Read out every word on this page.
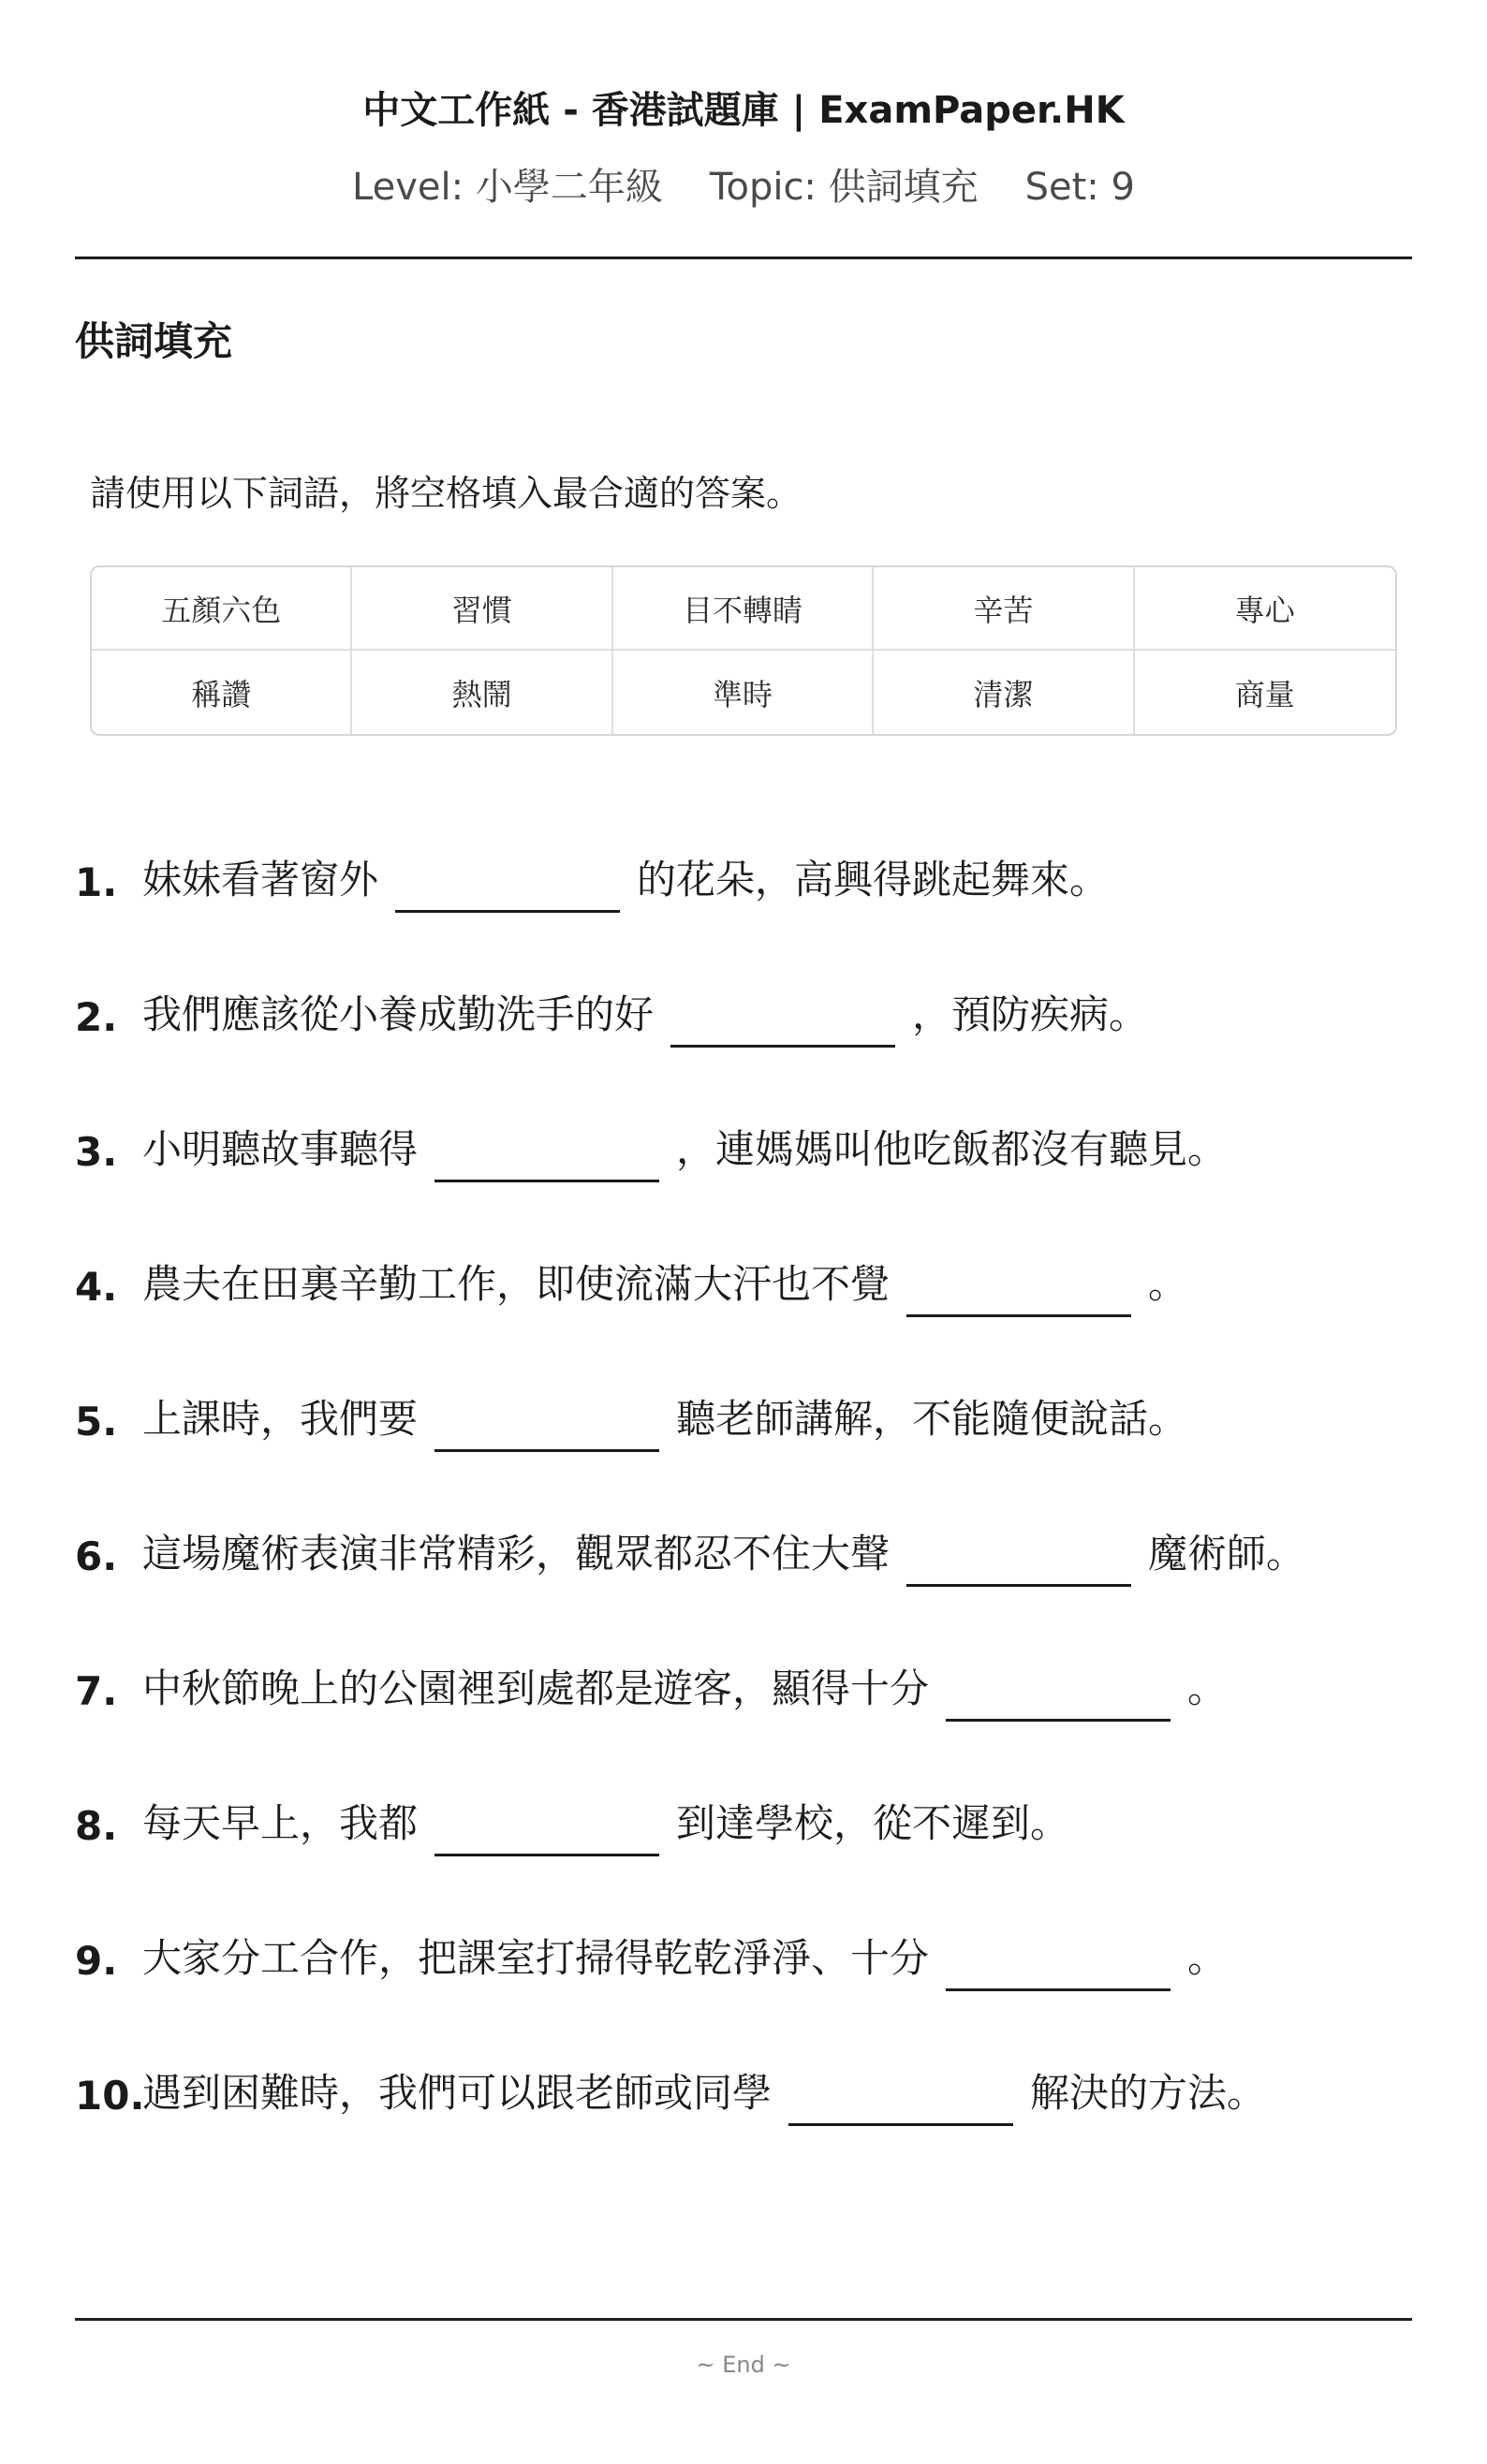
中文工作紙 - 香港試題庫 | ExamPaper.HK
Level: 小學二年級 Topic: 供詞填充 Set: 9
供詞填充
請使用以下詞語，將空格填入最合適的答案。
五顏六色	習慣	目不轉睛	辛苦	專心
稱讚	熱鬧	準時	清潔	商量
1. 妹妹看著窗外	的花朵，高興得跳起舞來。
2. 我們應該從小養成勤洗手的好	，預防疾病。
3. 小明聽故事聽得	，連媽媽叫他吃飯都沒有聽見。
4. 農夫在田裏辛勤工作，即使流滿大汗也不覺	。
5. 上課時，我們要	聽老師講解，不能隨便說話。
6. 這場魔術表演非常精彩，觀眾都忍不住大聲	魔術師。
7. 中秋節晚上的公園裡到處都是遊客，顯得十分	。
8. 每天早上，我都	到達學校，從不遲到。
9. 大家分工合作，把課室打掃得乾乾淨淨、十分	。
10.
遇到困難時，我們可以跟老師或同學	解決的方法。
~ End ~
